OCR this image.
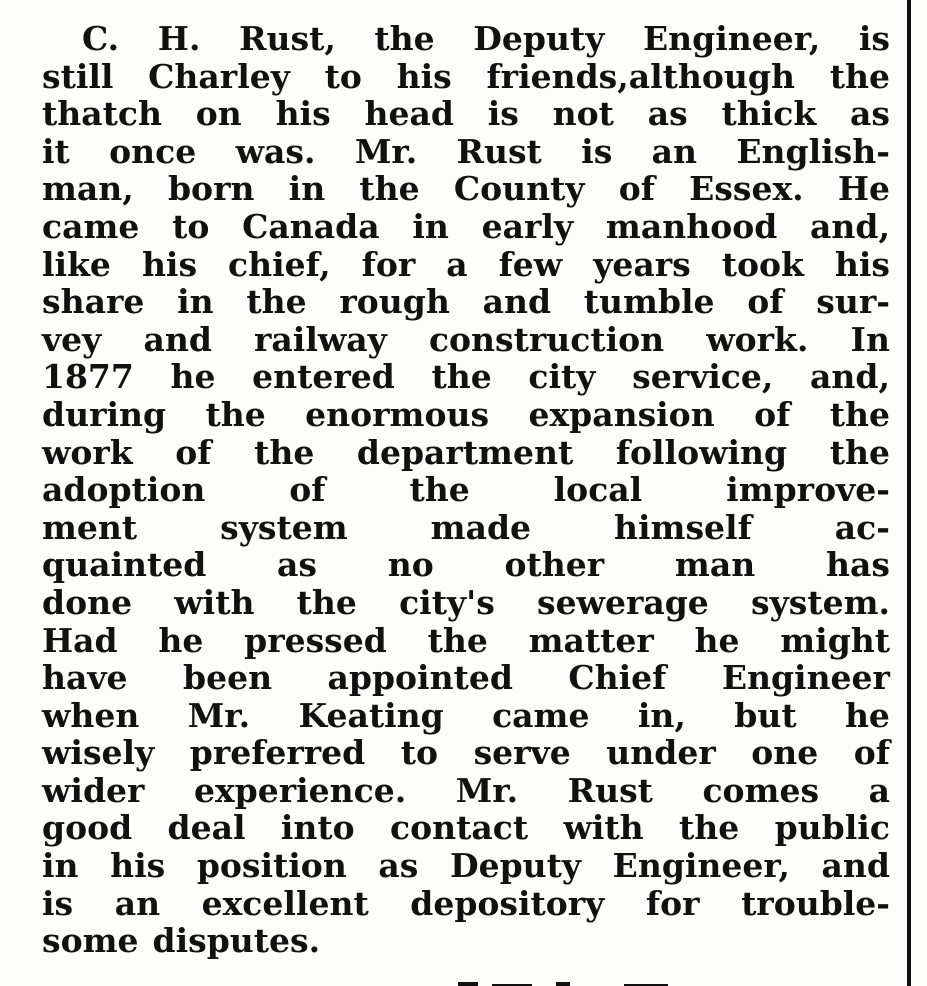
C. H. Rust, the Deputy Engineer, is
still Charley to his friends,although the
thatch on his head is not as thick as
it once was. Mr. Rust is an English-
man, born in the County of Essex. He
came to Canada in early manhood and,
like his chief, for a few years took his
share in the rough and tumble of sur-
vey and railway construction work. In
1877 he entered the city service, and,
during the enormous expansion of the
work of the department following the
adoption	of	the	local	improve-
ment	system	made	himself	ac-
quainted as no other man has
done with the city's sewerage system.
Had he pressed the matter he might
have been appointed Chief Engineer
when Mr. Keating came in, but he
wisely preferred to serve under one of
wider experience. Mr. Rust comes a
good deal into contact with the public
in his position as Deputy Engineer, and
is an excellent depository for trouble-
some disputes.
